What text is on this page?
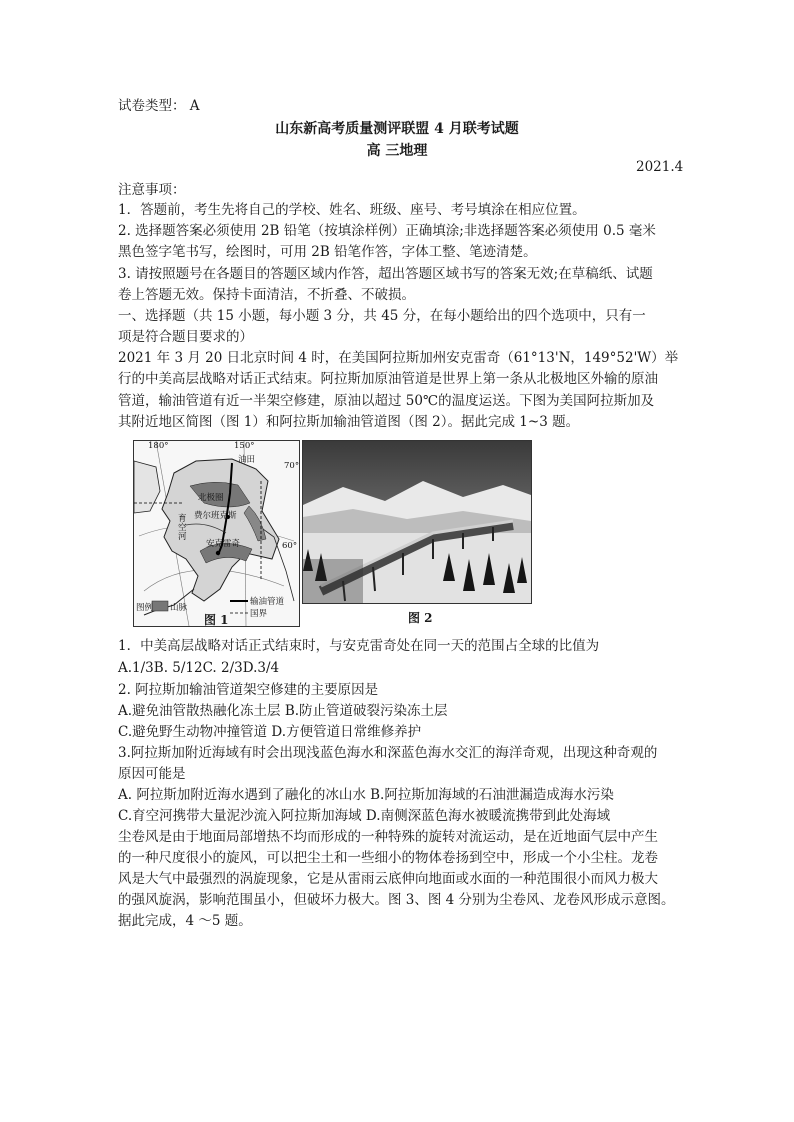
试卷类型： A
山东新高考质量测评联盟 4 月联考试题
高 三地理
2021.4
注意事项：
1．答题前，考生先将自己的学校、姓名、班级、座号、考号填涂在相应位置。
2. 选择题答案必须使用 2B 铅笔（按填涂样例）正确填涂;非选择题答案必须使用 0.5 毫米
黑色签字笔书写，绘图时，可用 2B 铅笔作答，字体工整、笔迹清楚。
3. 请按照题号在各题目的答题区域内作答，超出答题区域书写的答案无效;在草稿纸、试题
卷上答题无效。保持卡面清洁，不折叠、不破损。
一、选择题（共 15 小题，每小题 3 分，共 45 分，在每小题给出的四个选项中，只有一
项是符合题目要求的）
2021 年 3 月 20 日北京时间 4 时，在美国阿拉斯加州安克雷奇（61°13'N，149°52'W）举
行的中美高层战略对话正式结束。阿拉斯加原油管道是世界上第一条从北极地区外输的原油
管道，输油管道有近一半架空修建，原油以超过 50℃的温度运送。下图为美国阿拉斯加及
其附近地区简图（图 1）和阿拉斯加输油管道图（图 2）。据此完成 1~3 题。
180°	150°
70°
60°
油田
北极圈
育空河
费尔班克斯
安克雷奇
图例 山脉
输油管道
国界
图 1	图 2
1．中美高层战略对话正式结束时，与安克雷奇处在同一天的范围占全球的比值为
A.1/3B. 5/12C. 2/3D.3/4
2. 阿拉斯加输油管道架空修建的主要原因是
A.避免油管散热融化冻土层 B.防止管道破裂污染冻土层
C.避免野生动物冲撞管道 D.方便管道日常维修养护
3.阿拉斯加附近海域有时会出现浅蓝色海水和深蓝色海水交汇的海洋奇观，出现这种奇观的
原因可能是
A. 阿拉斯加附近海水遇到了融化的冰山水 B.阿拉斯加海域的石油泄漏造成海水污染
C.育空河携带大量泥沙流入阿拉斯加海域 D.南侧深蓝色海水被暖流携带到此处海域
尘卷风是由于地面局部增热不均而形成的一种特殊的旋转对流运动，是在近地面气层中产生
的一种尺度很小的旋风，可以把尘土和一些细小的物体卷扬到空中，形成一个小尘柱。龙卷
风是大气中最强烈的涡旋现象，它是从雷雨云底伸向地面或水面的一种范围很小而风力极大
的强风旋涡，影响范围虽小，但破坏力极大。图 3、图 4 分别为尘卷风、龙卷风形成示意图。
据此完成，4 ～5 题。
